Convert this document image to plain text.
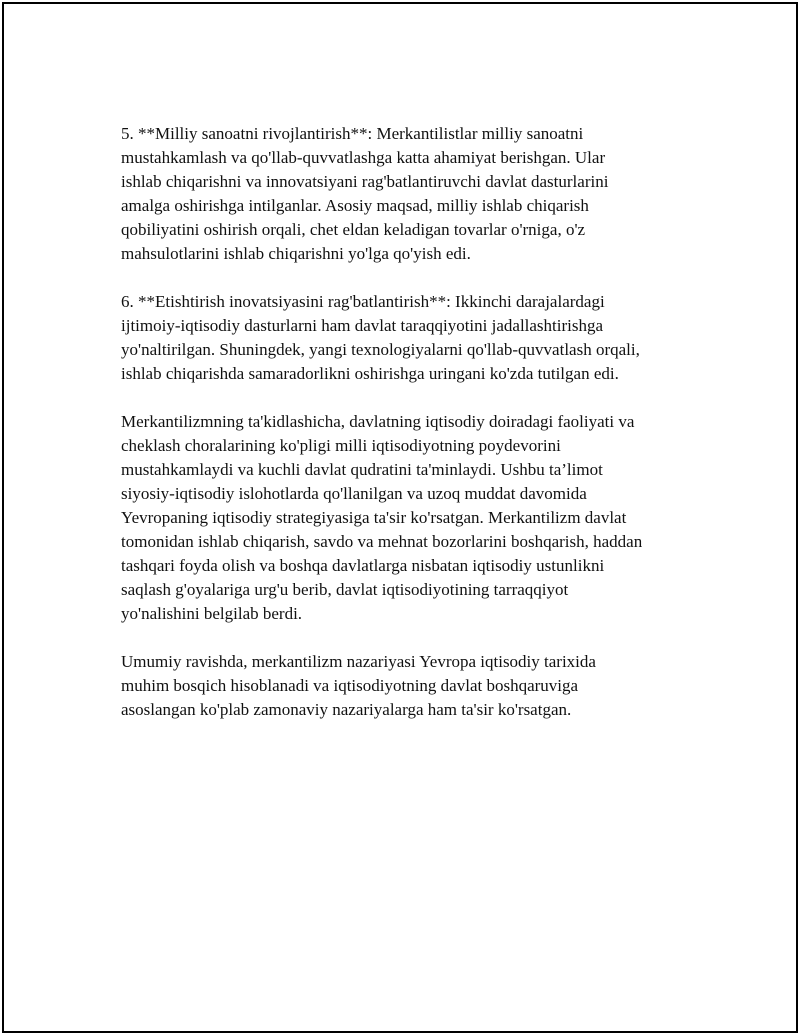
5. **Milliy sanoatni rivojlantirish**: Merkantilistlar milliy sanoatni
mustahkamlash va qo'llab-quvvatlashga katta ahamiyat berishgan. Ular
ishlab chiqarishni va innovatsiyani rag'batlantiruvchi davlat dasturlarini
amalga oshirishga intilganlar. Asosiy maqsad, milliy ishlab chiqarish
qobiliyatini oshirish orqali, chet eldan keladigan tovarlar o'rniga, o'z
mahsulotlarini ishlab chiqarishni yo'lga qo'yish edi.

6. **Etishtirish inovatsiyasini rag'batlantirish**: Ikkinchi darajalardagi
ijtimoiy-iqtisodiy dasturlarni ham davlat taraqqiyotini jadallashtirishga
yo'naltirilgan. Shuningdek, yangi texnologiyalarni qo'llab-quvvatlash orqali,
ishlab chiqarishda samaradorlikni oshirishga uringani ko'zda tutilgan edi.

Merkantilizmning ta'kidlashicha, davlatning iqtisodiy doiradagi faoliyati va
cheklash choralarining ko'pligi milli iqtisodiyotning poydevorini
mustahkamlaydi va kuchli davlat qudratini ta'minlaydi. Ushbu ta’limot
siyosiy-iqtisodiy islohotlarda qo'llanilgan va uzoq muddat davomida
Yevropaning iqtisodiy strategiyasiga ta'sir ko'rsatgan. Merkantilizm davlat
tomonidan ishlab chiqarish, savdo va mehnat bozorlarini boshqarish, haddan
tashqari foyda olish va boshqa davlatlarga nisbatan iqtisodiy ustunlikni
saqlash g'oyalariga urg'u berib, davlat iqtisodiyotining tarraqqiyot
yo'nalishini belgilab berdi.

Umumiy ravishda, merkantilizm nazariyasi Yevropa iqtisodiy tarixida
muhim bosqich hisoblanadi va iqtisodiyotning davlat boshqaruviga
asoslangan ko'plab zamonaviy nazariyalarga ham ta'sir ko'rsatgan.
